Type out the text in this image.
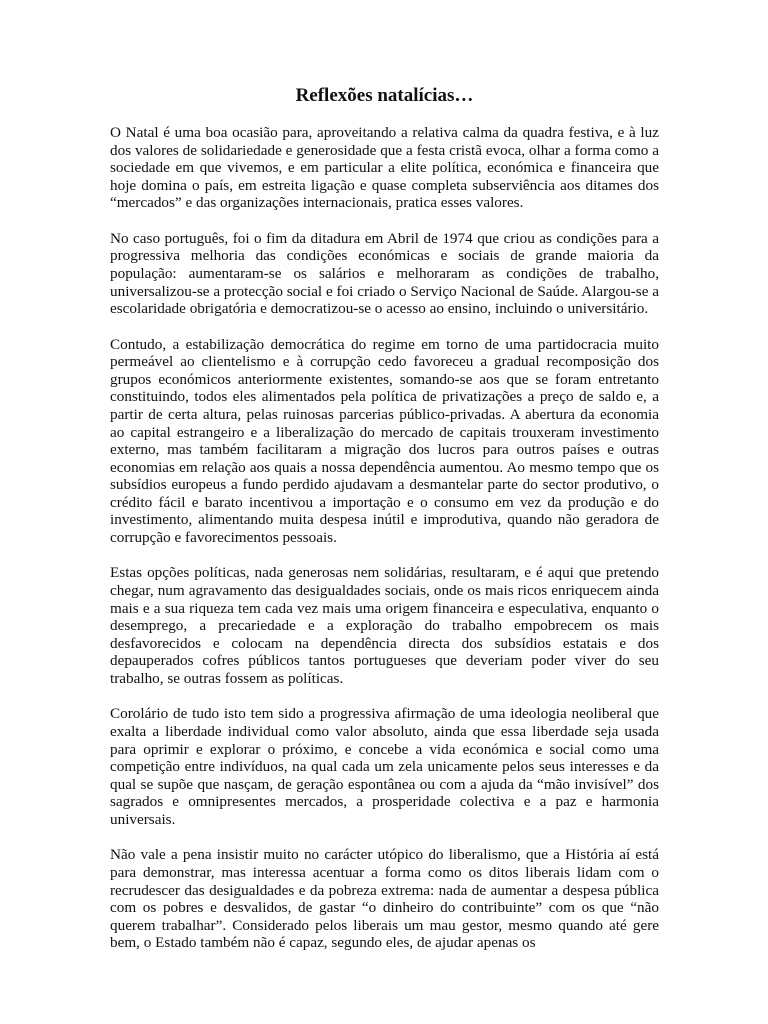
Reflexões natalícias…

O Natal é uma boa ocasião para, aproveitando a relativa calma da quadra festiva, e à luz dos valores de solidariedade e generosidade que a festa cristã evoca, olhar a forma como a sociedade em que vivemos, e em particular a elite política, económica e financeira que hoje domina o país, em estreita ligação e quase completa subserviência aos ditames dos “mercados” e das organizações internacionais, pratica esses valores.

No caso português, foi o fim da ditadura em Abril de 1974 que criou as condições para a progressiva melhoria das condições económicas e sociais de grande maioria da população: aumentaram-se os salários e melhoraram as condições de trabalho, universalizou-se a protecção social e foi criado o Serviço Nacional de Saúde. Alargou-se a escolaridade obrigatória e democratizou-se o acesso ao ensino, incluindo o universitário.

Contudo, a estabilização democrática do regime em torno de uma partidocracia muito permeável ao clientelismo e à corrupção cedo favoreceu a gradual recomposição dos grupos económicos anteriormente existentes, somando-se aos que se foram entretanto constituindo, todos eles alimentados pela política de privatizações a preço de saldo e, a partir de certa altura, pelas ruinosas parcerias público-privadas. A abertura da economia ao capital estrangeiro e a liberalização do mercado de capitais trouxeram investimento externo, mas também facilitaram a migração dos lucros para outros países e outras economias em relação aos quais a nossa dependência aumentou. Ao mesmo tempo que os subsídios europeus a fundo perdido ajudavam a desmantelar parte do sector produtivo, o crédito fácil e barato incentivou a importação e o consumo em vez da produção e do investimento, alimentando muita despesa inútil e improdutiva, quando não geradora de corrupção e favorecimentos pessoais.

Estas opções políticas, nada generosas nem solidárias, resultaram, e é aqui que pretendo chegar, num agravamento das desigualdades sociais, onde os mais ricos enriquecem ainda mais e a sua riqueza tem cada vez mais uma origem financeira e especulativa, enquanto o desemprego, a precariedade e a exploração do trabalho empobrecem os mais desfavorecidos e colocam na dependência directa dos subsídios estatais e dos depauperados cofres públicos tantos portugueses que deveriam poder viver do seu trabalho, se outras fossem as políticas.

Corolário de tudo isto tem sido a progressiva afirmação de uma ideologia neoliberal que exalta a liberdade individual como valor absoluto, ainda que essa liberdade seja usada para oprimir e explorar o próximo, e concebe a vida económica e social como uma competição entre indivíduos, na qual cada um zela unicamente pelos seus interesses e da qual se supõe que nasçam, de geração espontânea ou com a ajuda da “mão invisível” dos sagrados e omnipresentes mercados, a prosperidade colectiva e a paz e harmonia universais.

Não vale a pena insistir muito no carácter utópico do liberalismo, que a História aí está para demonstrar, mas interessa acentuar a forma como os ditos liberais lidam com o recrudescer das desigualdades e da pobreza extrema: nada de aumentar a despesa pública com os pobres e desvalidos, de gastar “o dinheiro do contribuinte” com os que “não querem trabalhar”. Considerado pelos liberais um mau gestor, mesmo quando até gere bem, o Estado também não é capaz, segundo eles, de ajudar apenas os
